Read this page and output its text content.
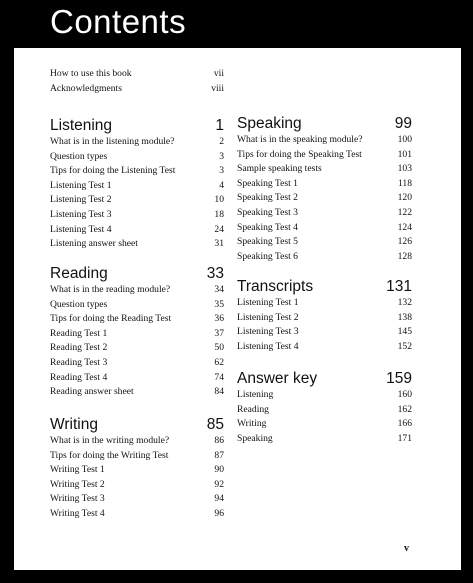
Contents
How to use this book	vii
Acknowledgments	viii
Listening	1
What is in the listening module?	2
Question types	3
Tips for doing the Listening Test	3
Listening Test 1	4
Listening Test 2	10
Listening Test 3	18
Listening Test 4	24
Listening answer sheet	31
Reading	33
What is in the reading module?	34
Question types	35
Tips for doing the Reading Test	36
Reading Test 1	37
Reading Test 2	50
Reading Test 3	62
Reading Test 4	74
Reading answer sheet	84
Writing	85
What is in the writing module?	86
Tips for doing the Writing Test	87
Writing Test 1	90
Writing Test 2	92
Writing Test 3	94
Writing Test 4	96
Speaking	99
What is in the speaking module?	100
Tips for doing the Speaking Test	101
Sample speaking tests	103
Speaking Test 1	118
Speaking Test 2	120
Speaking Test 3	122
Speaking Test 4	124
Speaking Test 5	126
Speaking Test 6	128
Transcripts	131
Listening Test 1	132
Listening Test 2	138
Listening Test 3	145
Listening Test 4	152
Answer key	159
Listening	160
Reading	162
Writing	166
Speaking	171
v
